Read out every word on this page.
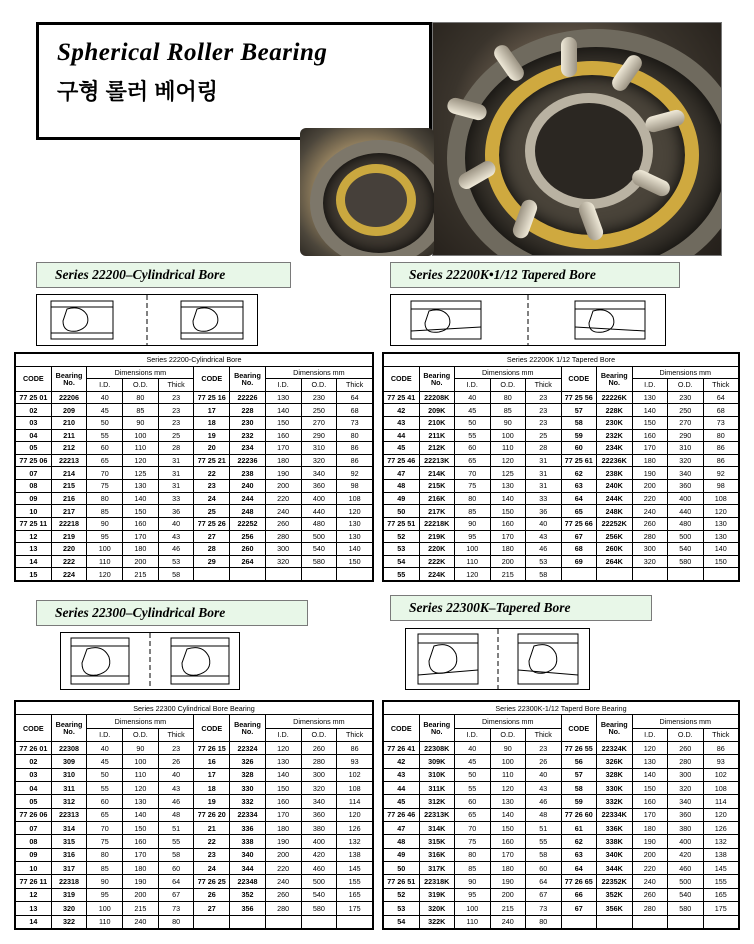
Spherical Roller Bearing
구형 롤러 베어링
Series 22200–Cylindrical Bore	Series 22200K•1/12 Tapered Bore
Series 22300–Cylindrical Bore	Series 22300K–Tapered Bore
Series 22200-Cylindrical Bore									
CODE	Bearing
No.	Dimensions mm			CODE	Bearing
No.	Dimensions mm		
		I.D.	O.D.	Thick			I.D.	O.D.	Thick
77 25 01	22206	40	80	23	77 25 16	22226	130	230	64
02	209	45	85	23	17	228	140	250	68
03	210	50	90	23	18	230	150	270	73
04	211	55	100	25	19	232	160	290	80
05	212	60	110	28	20	234	170	310	86
77 25 06	22213	65	120	31	77 25 21	22236	180	320	86
07	214	70	125	31	22	238	190	340	92
08	215	75	130	31	23	240	200	360	98
09	216	80	140	33	24	244	220	400	108
10	217	85	150	36	25	248	240	440	120
77 25 11	22218	90	160	40	77 25 26	22252	260	480	130
12	219	95	170	43	27	256	280	500	130
13	220	100	180	46	28	260	300	540	140
14	222	110	200	53	29	264	320	580	150
15	224	120	215	58					
Series 22200K 1/12 Tapered Bore									
CODE	Bearing
No.	Dimensions mm			CODE	Bearing
No.	Dimensions mm		
		I.D.	O.D.	Thick			I.D.	O.D.	Thick
77 25 41	22208K	40	80	23	77 25 56	22226K	130	230	64
42	209K	45	85	23	57	228K	140	250	68
43	210K	50	90	23	58	230K	150	270	73
44	211K	55	100	25	59	232K	160	290	80
45	212K	60	110	28	60	234K	170	310	86
77 25 46	22213K	65	120	31	77 25 61	22236K	180	320	86
47	214K	70	125	31	62	238K	190	340	92
48	215K	75	130	31	63	240K	200	360	98
49	216K	80	140	33	64	244K	220	400	108
50	217K	85	150	36	65	248K	240	440	120
77 25 51	22218K	90	160	40	77 25 66	22252K	260	480	130
52	219K	95	170	43	67	256K	280	500	130
53	220K	100	180	46	68	260K	300	540	140
54	222K	110	200	53	69	264K	320	580	150
55	224K	120	215	58					
Series 22300 Cylindrical Bore Bearing									
CODE	Bearing
No.	Dimensions mm			CODE	Bearing
No.	Dimensions mm		
		I.D.	O.D.	Thick			I.D.	O.D.	Thick
77 26 01	22308	40	90	23	77 26 15	22324	120	260	86
02	309	45	100	26	16	326	130	280	93
03	310	50	110	40	17	328	140	300	102
04	311	55	120	43	18	330	150	320	108
05	312	60	130	46	19	332	160	340	114
77 26 06	22313	65	140	48	77 26 20	22334	170	360	120
07	314	70	150	51	21	336	180	380	126
08	315	75	160	55	22	338	190	400	132
09	316	80	170	58	23	340	200	420	138
10	317	85	180	60	24	344	220	460	145
77 26 11	22318	90	190	64	77 26 25	22348	240	500	155
12	319	95	200	67	26	352	260	540	165
13	320	100	215	73	27	356	280	580	175
14	322	110	240	80					
Series 22300K-1/12 Taperd Bore Bearing									
CODE	Bearing
No.	Dimensions mm			CODE	Bearing
No.	Dimensions mm		
		I.D.	O.D.	Thick			I.D.	O.D.	Thick
77 26 41	22308K	40	90	23	77 26 55	22324K	120	260	86
42	309K	45	100	26	56	326K	130	280	93
43	310K	50	110	40	57	328K	140	300	102
44	311K	55	120	43	58	330K	150	320	108
45	312K	60	130	46	59	332K	160	340	114
77 26 46	22313K	65	140	48	77 26 60	22334K	170	360	120
47	314K	70	150	51	61	336K	180	380	126
48	315K	75	160	55	62	338K	190	400	132
49	316K	80	170	58	63	340K	200	420	138
50	317K	85	180	60	64	344K	220	460	145
77 26 51	22318K	90	190	64	77 26 65	22352K	240	500	155
52	319K	95	200	67	66	352K	260	540	165
53	320K	100	215	73	67	356K	280	580	175
54	322K	110	240	80					
